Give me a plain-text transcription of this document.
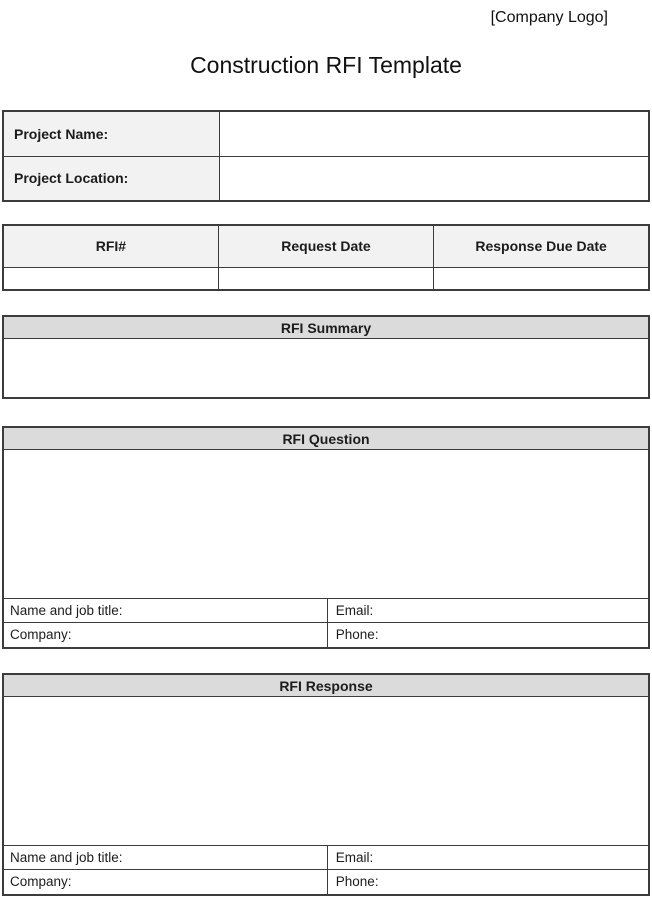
[Company Logo]
Construction RFI Template
Project Name:	
Project Location:	
RFI#	Request Date	Response Due Date

RFI Summary
RFI Question
Name and job title:	Email:
Company:	Phone:
RFI Response
Name and job title:	Email:
Company:	Phone:
